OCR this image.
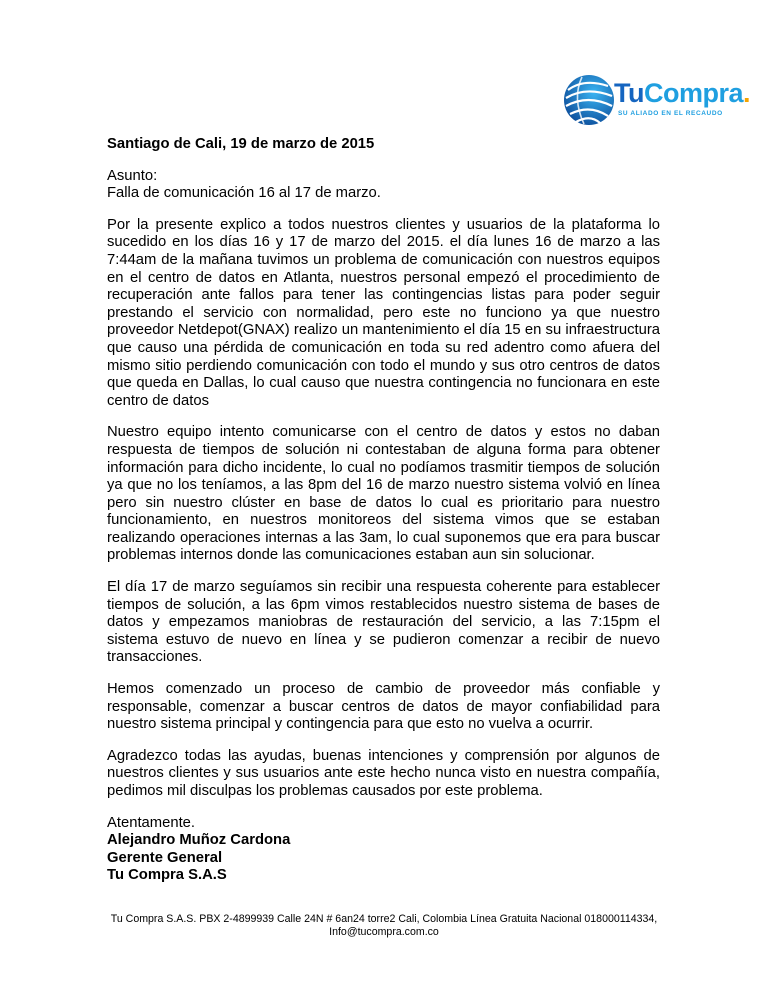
TuCompra.
SU ALIADO EN EL RECAUDO

Santiago de Cali, 19 de marzo de 2015

Asunto:

Falla de comunicación 16 al 17 de marzo.

Por la presente explico a todos nuestros clientes y usuarios de la plataforma lo sucedido en los días 16 y 17 de marzo del 2015. el día lunes 16 de marzo a las 7:44am de la mañana tuvimos un problema de comunicación con nuestros equipos en el centro de datos en Atlanta, nuestros personal empezó el procedimiento de recuperación ante fallos para tener las contingencias listas para poder seguir prestando el servicio con normalidad, pero este no funciono ya que nuestro proveedor Netdepot(GNAX) realizo un mantenimiento el día 15 en su infraestructura que causo una pérdida de comunicación en toda su red adentro como afuera del mismo sitio perdiendo comunicación con todo el mundo y sus otro centros de datos que queda en Dallas, lo cual causo que nuestra contingencia no funcionara en este centro de datos

Nuestro equipo intento comunicarse con el centro de datos y estos no daban respuesta de tiempos de solución ni contestaban de alguna forma para obtener información para dicho incidente, lo cual no podíamos trasmitir tiempos de solución ya que no los teníamos, a las 8pm del 16 de marzo nuestro sistema volvió en línea pero sin nuestro clúster en base de datos lo cual es prioritario para nuestro funcionamiento, en nuestros monitoreos del sistema vimos que se estaban realizando operaciones internas a las 3am, lo cual suponemos que era para buscar problemas internos donde las comunicaciones estaban aun sin solucionar.

El día 17 de marzo seguíamos sin recibir una respuesta coherente para establecer tiempos de solución, a las 6pm vimos restablecidos nuestro sistema de bases de datos y empezamos maniobras de restauración del servicio, a las 7:15pm el sistema estuvo de nuevo en línea y se pudieron comenzar a recibir de nuevo transacciones.

Hemos comenzado un proceso de cambio de proveedor más confiable y responsable, comenzar a buscar centros de datos de mayor confiabilidad para nuestro sistema principal y contingencia para que esto no vuelva a ocurrir.

Agradezco todas las ayudas, buenas intenciones y comprensión por algunos de nuestros clientes y sus usuarios ante este hecho nunca visto en nuestra compañía, pedimos mil disculpas los problemas causados por este problema.

Atentamente.

Alejandro Muñoz Cardona

Gerente General

Tu Compra S.A.S

Tu Compra S.A.S. PBX 2-4899939 Calle 24N # 6an24 torre2 Cali, Colombia Línea Gratuita Nacional 018000114334,
Info@tucompra.com.co
